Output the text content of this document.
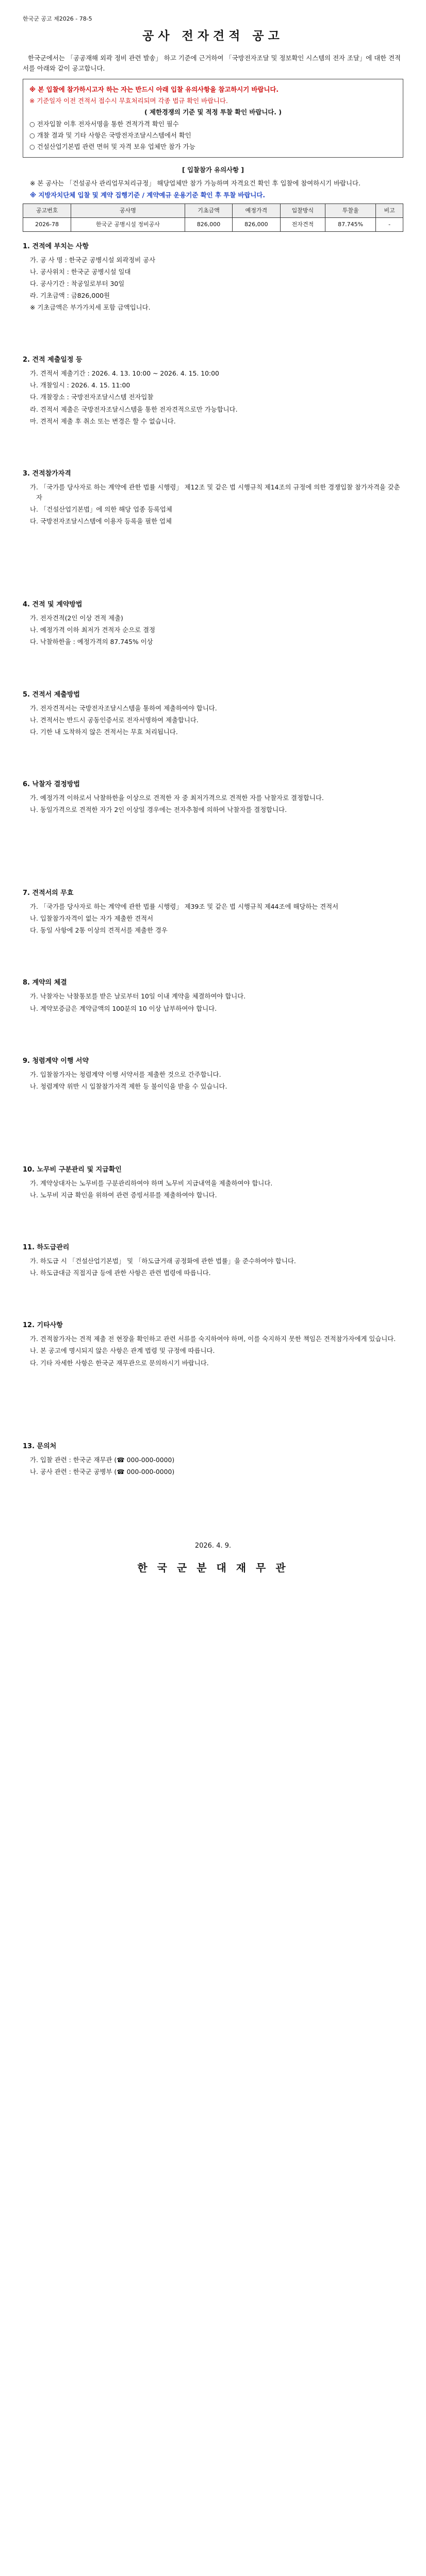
한국군 공고 제2026 - 78-5
공사 전자견적 공고

한국군에서는 「공공재해 외곽 정비 관련 발송」 하고 기준에 근거하여 「국방전자조달 및 정보확인 시스템의 전자 조달」에 대한 견적서를 아래와 같이 공고합니다.

※ 본 입찰에 참가하시고자 하는 자는 반드시 아래 입찰 유의사항을 참고하시기 바랍니다.

※ 기준일자 이전 견적서 접수시 무효처리되며 각종 법규 확인 바랍니다.

( 제한경쟁의 기준 및 적정 투찰 확인 바랍니다. )

○ 전자입찰 이후 전자서명을 통한 견적가격 확인 필수

○ 개찰 결과 및 기타 사항은 국방전자조달시스템에서 확인

○ 건설산업기본법 관련 면허 및 자격 보유 업체만 참가 가능

[ 입찰참가 유의사항 ]

※ 본 공사는 「건설공사 관리업무처리규정」 해당업체만 참가 가능하며 자격요건 확인 후 입찰에 참여하시기 바랍니다.

※ 지방자치단체 입찰 및 계약 집행기준 / 계약예규 운용기준 확인 후 투찰 바랍니다.

공고번호	공사명	기초금액	예정가격	입찰방식	투찰율	비고
2026-78	한국군 공병시설 정비공사	826,000	826,000	전자견적	87.745%	-
1. 견적에 부치는 사항

가. 공 사 명 : 한국군 공병시설 외곽정비 공사

나. 공사위치 : 한국군 공병시설 일대

다. 공사기간 : 착공일로부터 30일

라. 기초금액 : 금826,000원

※ 기초금액은 부가가치세 포함 금액입니다.

2. 견적 제출일정 등

가. 견적서 제출기간 : 2026. 4. 13. 10:00 ~ 2026. 4. 15. 10:00

나. 개찰일시 : 2026. 4. 15. 11:00

다. 개찰장소 : 국방전자조달시스템 전자입찰

라. 견적서 제출은 국방전자조달시스템을 통한 전자견적으로만 가능합니다.

마. 견적서 제출 후 취소 또는 변경은 할 수 없습니다.

3. 견적참가자격

가. 「국가를 당사자로 하는 계약에 관한 법률 시행령」 제12조 및 같은 법 시행규칙 제14조의 규정에 의한 경쟁입찰 참가자격을 갖춘 자

나. 「건설산업기본법」에 의한 해당 업종 등록업체

다. 국방전자조달시스템에 이용자 등록을 필한 업체

4. 견적 및 계약방법

가. 전자견적(2인 이상 견적 제출)

나. 예정가격 이하 최저가 견적자 순으로 결정

다. 낙찰하한율 : 예정가격의 87.745% 이상

5. 견적서 제출방법

가. 전자견적서는 국방전자조달시스템을 통하여 제출하여야 합니다.

나. 견적서는 반드시 공동인증서로 전자서명하여 제출합니다.

다. 기한 내 도착하지 않은 견적서는 무효 처리됩니다.

6. 낙찰자 결정방법

가. 예정가격 이하로서 낙찰하한율 이상으로 견적한 자 중 최저가격으로 견적한 자를 낙찰자로 결정합니다.

나. 동일가격으로 견적한 자가 2인 이상일 경우에는 전자추첨에 의하여 낙찰자를 결정합니다.

7. 견적서의 무효

가. 「국가를 당사자로 하는 계약에 관한 법률 시행령」 제39조 및 같은 법 시행규칙 제44조에 해당하는 견적서

나. 입찰참가자격이 없는 자가 제출한 견적서

다. 동일 사항에 2통 이상의 견적서를 제출한 경우

8. 계약의 체결

가. 낙찰자는 낙찰통보를 받은 날로부터 10일 이내 계약을 체결하여야 합니다.

나. 계약보증금은 계약금액의 100분의 10 이상 납부하여야 합니다.

9. 청렴계약 이행 서약

가. 입찰참가자는 청렴계약 이행 서약서를 제출한 것으로 간주합니다.

나. 청렴계약 위반 시 입찰참가자격 제한 등 불이익을 받을 수 있습니다.

10. 노무비 구분관리 및 지급확인

가. 계약상대자는 노무비를 구분관리하여야 하며 노무비 지급내역을 제출하여야 합니다.

나. 노무비 지급 확인을 위하여 관련 증빙서류를 제출하여야 합니다.

11. 하도급관리

가. 하도급 시 「건설산업기본법」 및 「하도급거래 공정화에 관한 법률」을 준수하여야 합니다.

나. 하도급대금 직접지급 등에 관한 사항은 관련 법령에 따릅니다.

12. 기타사항

가. 견적참가자는 견적 제출 전 현장을 확인하고 관련 서류를 숙지하여야 하며, 이를 숙지하지 못한 책임은 견적참가자에게 있습니다.

나. 본 공고에 명시되지 않은 사항은 관계 법령 및 규정에 따릅니다.

다. 기타 자세한 사항은 한국군 재무관으로 문의하시기 바랍니다.

13. 문의처

가. 입찰 관련 : 한국군 재무관 (☎ 000-000-0000)

나. 공사 관련 : 한국군 공병부 (☎ 000-000-0000)

2026. 4. 9.
한 국 군 분 대 재 무 관
